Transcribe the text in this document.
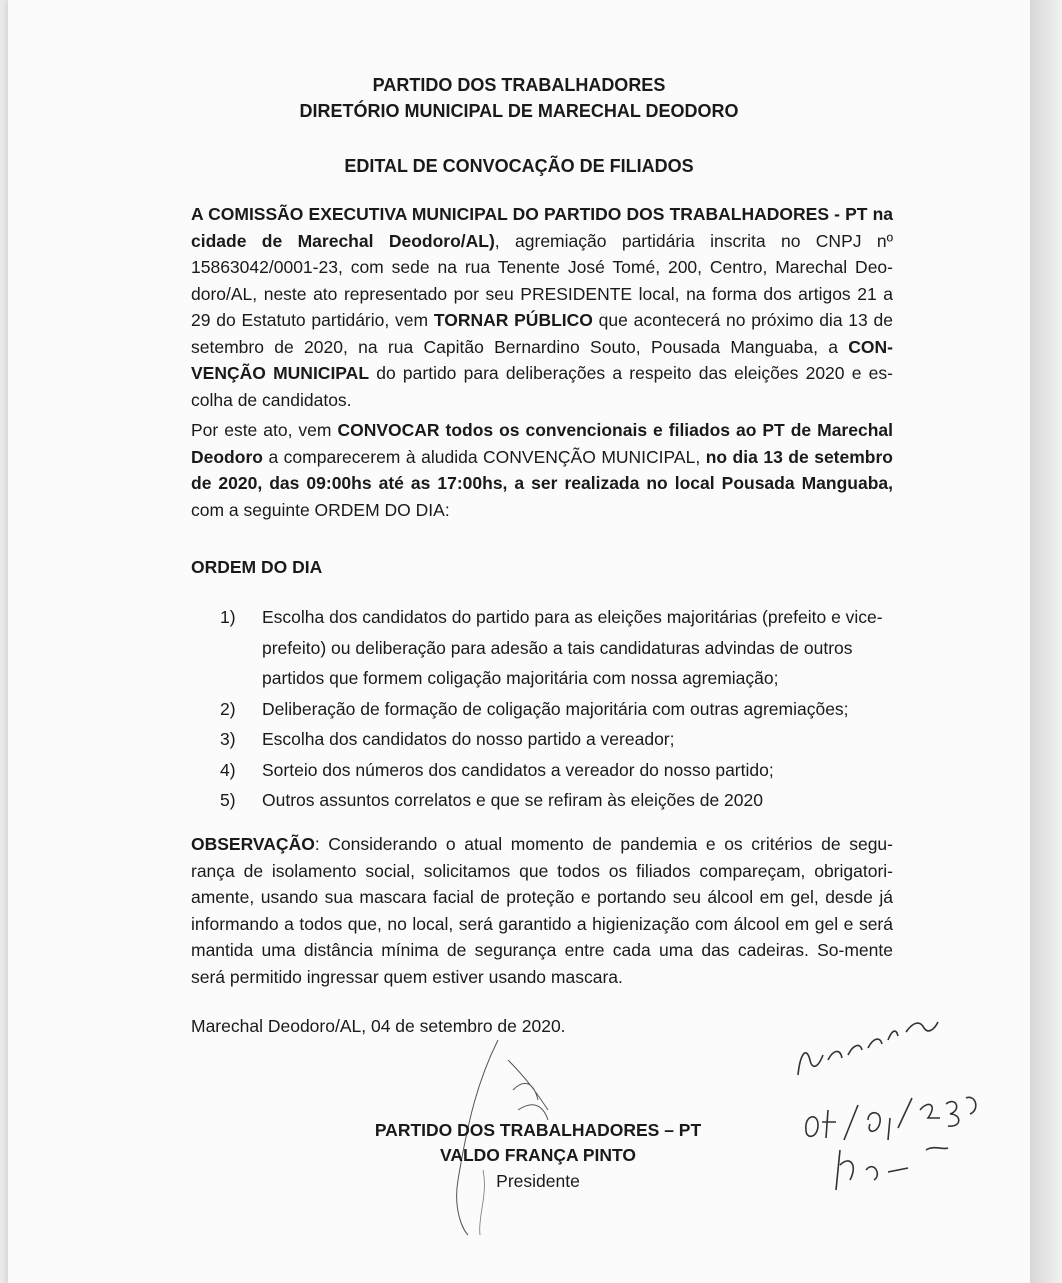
PARTIDO DOS TRABALHADORES
DIRETÓRIO MUNICIPAL DE MARECHAL DEODORO
EDITAL DE CONVOCAÇÃO DE FILIADOS
A COMISSÃO EXECUTIVA MUNICIPAL DO PARTIDO DOS TRABALHADORES - PT na cidade de Marechal Deodoro/AL), agremiação partidária inscrita no CNPJ nº 15863042/0001-23, com sede na rua Tenente José Tomé, 200, Centro, Marechal Deo-doro/AL, neste ato representado por seu PRESIDENTE local, na forma dos artigos 21 a 29 do Estatuto partidário, vem TORNAR PÚBLICO que acontecerá no próximo dia 13 de setembro de 2020, na rua Capitão Bernardino Souto, Pousada Manguaba, a CON-VENÇÃO MUNICIPAL do partido para deliberações a respeito das eleições 2020 e es-colha de candidatos.
Por este ato, vem CONVOCAR todos os convencionais e filiados ao PT de Marechal Deodoro a comparecerem à aludida CONVENÇÃO MUNICIPAL, no dia 13 de setembro de 2020, das 09:00hs até as 17:00hs, a ser realizada no local Pousada Manguaba, com a seguinte ORDEM DO DIA:
ORDEM DO DIA
1) Escolha dos candidatos do partido para as eleições majoritárias (prefeito e vice-prefeito) ou deliberação para adesão a tais candidaturas advindas de outros partidos que formem coligação majoritária com nossa agremiação;
2) Deliberação de formação de coligação majoritária com outras agremiações;
3) Escolha dos candidatos do nosso partido a vereador;
4) Sorteio dos números dos candidatos a vereador do nosso partido;
5) Outros assuntos correlatos e que se refiram às eleições de 2020
OBSERVAÇÃO: Considerando o atual momento de pandemia e os critérios de segu-rança de isolamento social, solicitamos que todos os filiados compareçam, obrigatori-amente, usando sua mascara facial de proteção e portando seu álcool em gel, desde já informando a todos que, no local, será garantido a higienização com álcool em gel e será mantida uma distância mínima de segurança entre cada uma das cadeiras. So-mente será permitido ingressar quem estiver usando mascara.
Marechal Deodoro/AL, 04 de setembro de 2020.
PARTIDO DOS TRABALHADORES – PT
VALDO FRANÇA PINTO
Presidente
